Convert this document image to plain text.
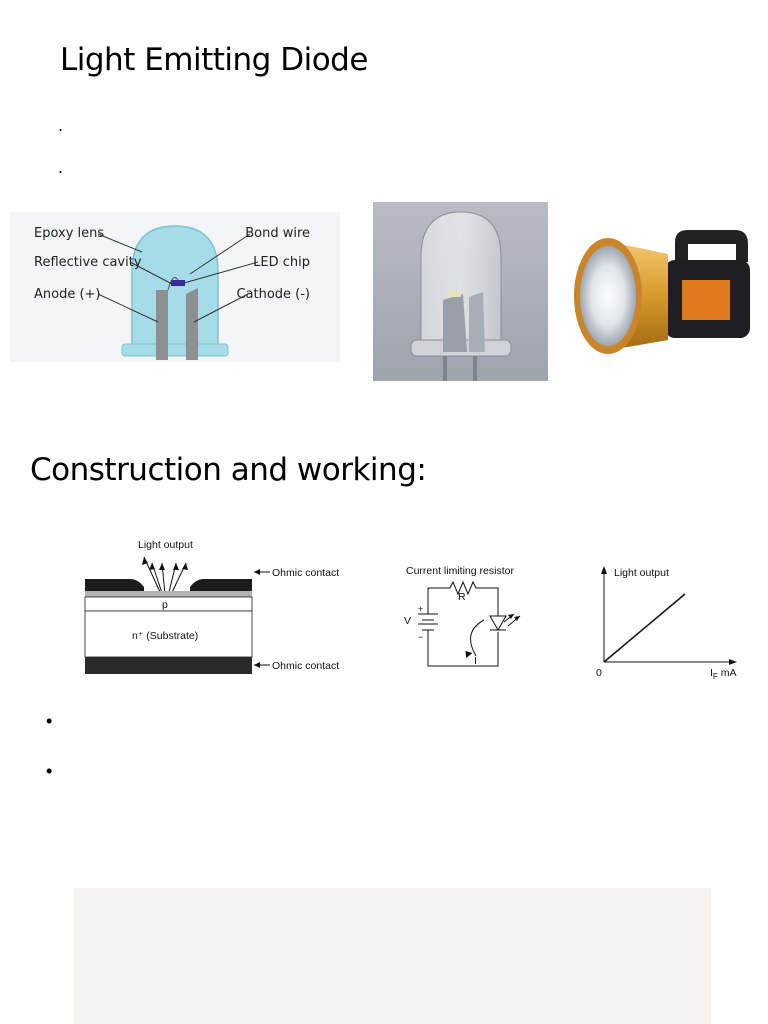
Light Emitting Diode
.
.
Epoxy lens
Reflective cavity
Anode (+)
Bond wire
LED chip
Cathode (-)
Construction and working:
Light output
p
n⁺ (Substrate)
Ohmic contact
Ohmic contact
Current limiting resistor
R
V
I
+
−
Light output
0	$I_F$ mA
•
•
